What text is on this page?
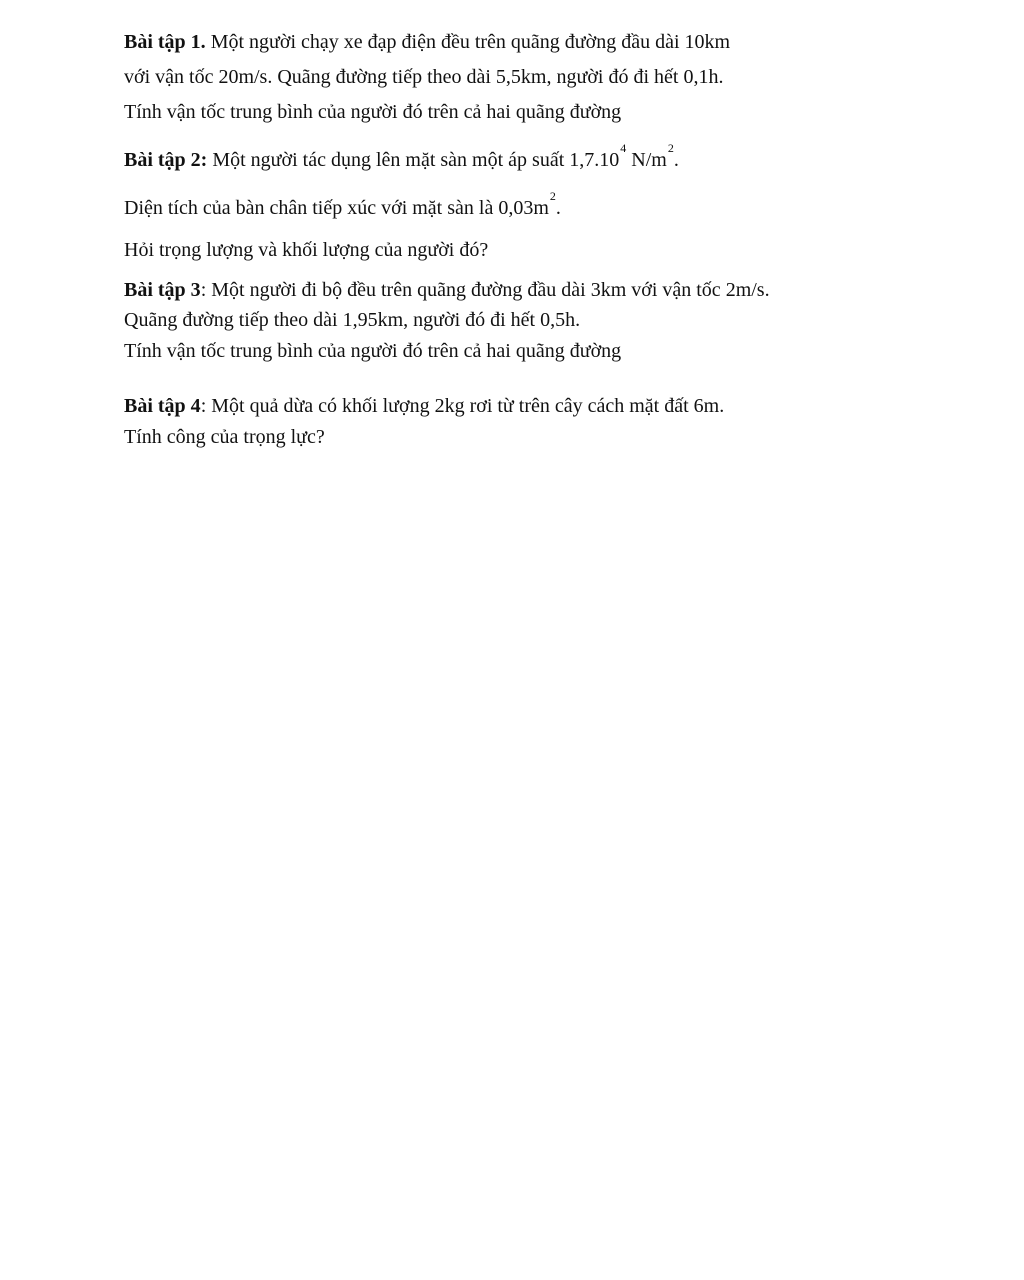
Bài tập 1. Một người chạy xe đạp điện đều trên quãng đường đầu dài 10km
với vận tốc 20m/s. Quãng đường tiếp theo dài 5,5km, người đó đi hết 0,1h.
Tính vận tốc trung bình của người đó trên cả hai quãng đường
Bài tập 2: Một người tác dụng lên mặt sàn một áp suất 1,7.10$^4$ $N/m^2$.
Diện tích của bàn chân tiếp xúc với mặt sàn là $0,03m^2$.
Hỏi trọng lượng và khối lượng của người đó?
Bài tập 3: Một người đi bộ đều trên quãng đường đầu dài 3km với vận tốc 2m/s.
Quãng đường tiếp theo dài 1,95km, người đó đi hết 0,5h.
Tính vận tốc trung bình của người đó trên cả hai quãng đường
Bài tập 4: Một quả dừa có khối lượng 2kg rơi từ trên cây cách mặt đất 6m.
Tính công của trọng lực?
